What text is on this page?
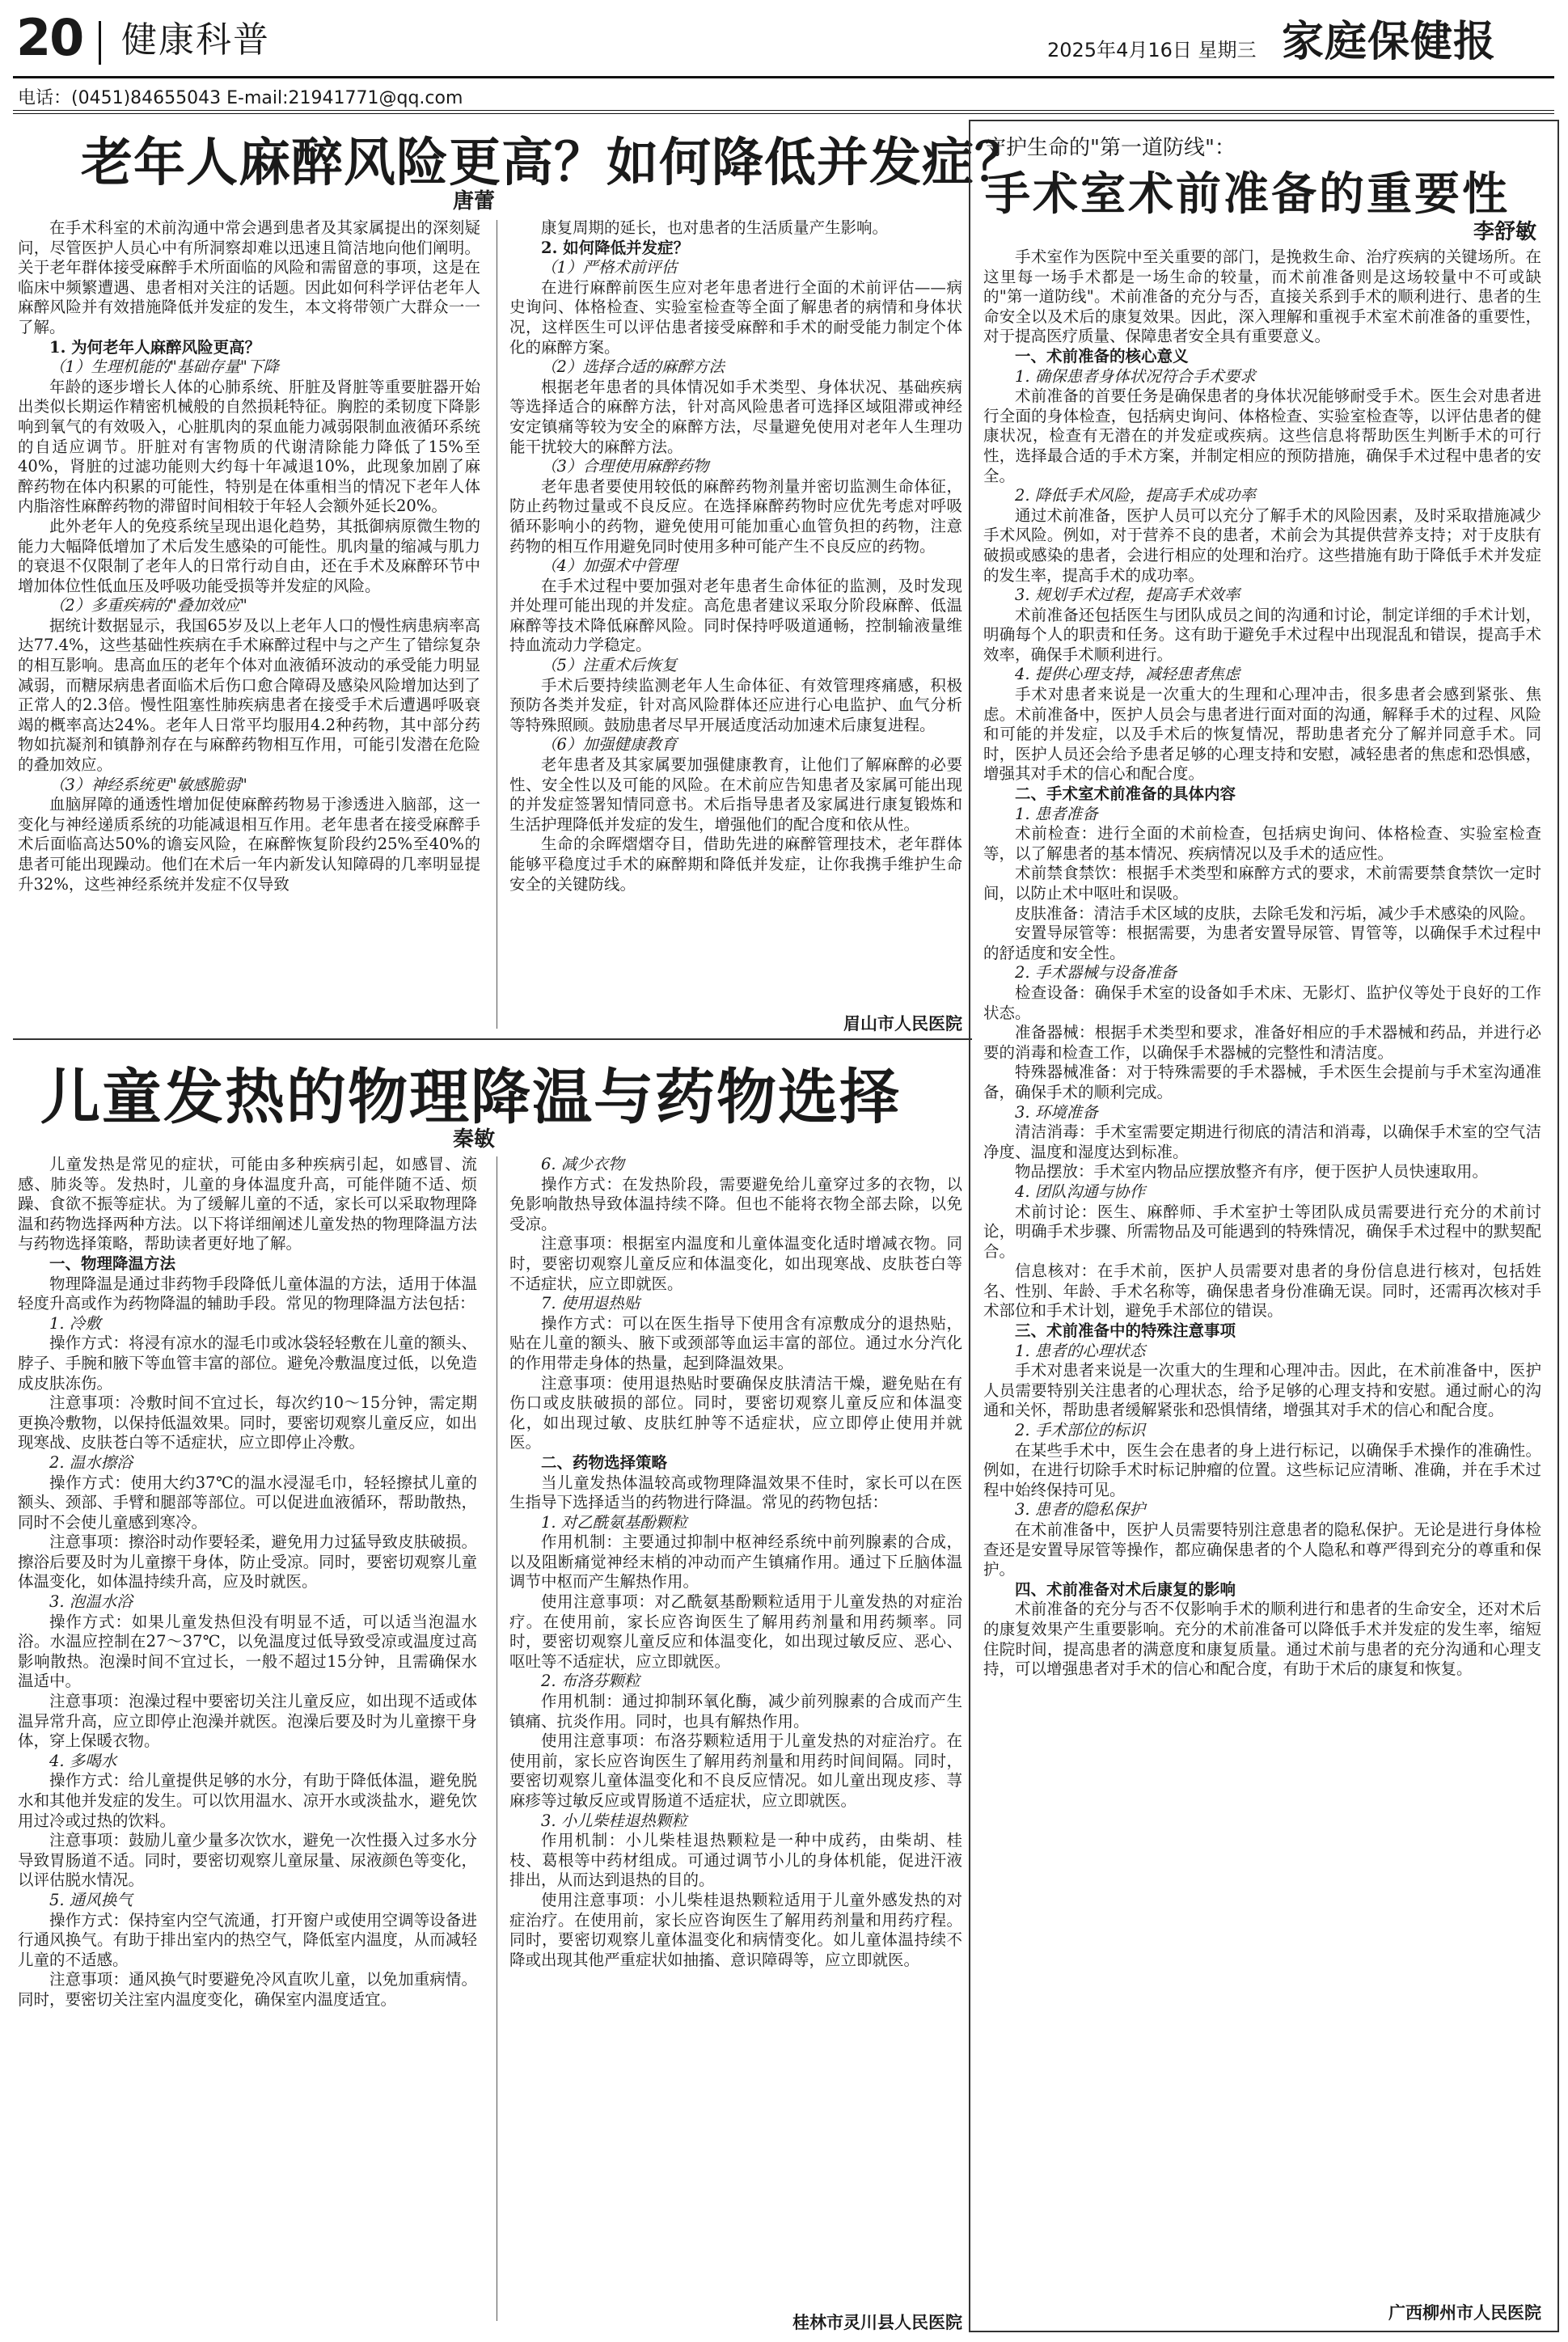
20 健康科普	2025年4月16日 星期三 家庭保健报
电话：(0451)84655043 E-mail:21941771@qq.com
老年人麻醉风险更高？如何降低并发症？
唐蕾

在手术科室的术前沟通中常会遇到患者及其家属提出的深刻疑问，尽管医护人员心中有所洞察却难以迅速且简洁地向他们阐明。关于老年群体接受麻醉手术所面临的风险和需留意的事项，这是在临床中频繁遭遇、患者相对关注的话题。因此如何科学评估老年人麻醉风险并有效措施降低并发症的发生，本文将带领广大群众一一了解。

1. 为何老年人麻醉风险更高？

（1）生理机能的"基础存量"下降

年龄的逐步增长人体的心肺系统、肝脏及肾脏等重要脏器开始出类似长期运作精密机械般的自然损耗特征。胸腔的柔韧度下降影响到氧气的有效吸入，心脏肌肉的泵血能力减弱限制血液循环系统的自适应调节。肝脏对有害物质的代谢清除能力降低了15%至40%，肾脏的过滤功能则大约每十年减退10%，此现象加剧了麻醉药物在体内积累的可能性，特别是在体重相当的情况下老年人体内脂溶性麻醉药物的滞留时间相较于年轻人会额外延长20%。

此外老年人的免疫系统呈现出退化趋势，其抵御病原微生物的能力大幅降低增加了术后发生感染的可能性。肌肉量的缩减与肌力的衰退不仅限制了老年人的日常行动自由，还在手术及麻醉环节中增加体位性低血压及呼吸功能受损等并发症的风险。

（2）多重疾病的"叠加效应"

据统计数据显示，我国65岁及以上老年人口的慢性病患病率高达77.4%，这些基础性疾病在手术麻醉过程中与之产生了错综复杂的相互影响。患高血压的老年个体对血液循环波动的承受能力明显减弱，而糖尿病患者面临术后伤口愈合障碍及感染风险增加达到了正常人的2.3倍。慢性阻塞性肺疾病患者在接受手术后遭遇呼吸衰竭的概率高达24%。老年人日常平均服用4.2种药物，其中部分药物如抗凝剂和镇静剂存在与麻醉药物相互作用，可能引发潜在危险的叠加效应。

（3）神经系统更"敏感脆弱"

血脑屏障的通透性增加促使麻醉药物易于渗透进入脑部，这一变化与神经递质系统的功能减退相互作用。老年患者在接受麻醉手术后面临高达50%的谵妄风险，在麻醉恢复阶段约25%至40%的患者可能出现躁动。他们在术后一年内新发认知障碍的几率明显提升32%，这些神经系统并发症不仅导致

康复周期的延长，也对患者的生活质量产生影响。

2. 如何降低并发症？

（1）严格术前评估

在进行麻醉前医生应对老年患者进行全面的术前评估——病史询问、体格检查、实验室检查等全面了解患者的病情和身体状况，这样医生可以评估患者接受麻醉和手术的耐受能力制定个体化的麻醉方案。

（2）选择合适的麻醉方法

根据老年患者的具体情况如手术类型、身体状况、基础疾病等选择适合的麻醉方法，针对高风险患者可选择区域阻滞或神经安定镇痛等较为安全的麻醉方法，尽量避免使用对老年人生理功能干扰较大的麻醉方法。

（3）合理使用麻醉药物

老年患者要使用较低的麻醉药物剂量并密切监测生命体征，防止药物过量或不良反应。在选择麻醉药物时应优先考虑对呼吸循环影响小的药物，避免使用可能加重心血管负担的药物，注意药物的相互作用避免同时使用多种可能产生不良反应的药物。

（4）加强术中管理

在手术过程中要加强对老年患者生命体征的监测，及时发现并处理可能出现的并发症。高危患者建议采取分阶段麻醉、低温麻醉等技术降低麻醉风险。同时保持呼吸道通畅，控制输液量维持血流动力学稳定。

（5）注重术后恢复

手术后要持续监测老年人生命体征、有效管理疼痛感，积极预防各类并发症，针对高风险群体还应进行心电监护、血气分析等特殊照顾。鼓励患者尽早开展适度活动加速术后康复进程。

（6）加强健康教育

老年患者及其家属要加强健康教育，让他们了解麻醉的必要性、安全性以及可能的风险。在术前应告知患者及家属可能出现的并发症签署知情同意书。术后指导患者及家属进行康复锻炼和生活护理降低并发症的发生，增强他们的配合度和依从性。

生命的余晖熠熠夺目，借助先进的麻醉管理技术，老年群体能够平稳度过手术的麻醉期和降低并发症，让你我携手维护生命安全的关键防线。

眉山市人民医院
儿童发热的物理降温与药物选择
秦敏

儿童发热是常见的症状，可能由多种疾病引起，如感冒、流感、肺炎等。发热时，儿童的身体温度升高，可能伴随不适、烦躁、食欲不振等症状。为了缓解儿童的不适，家长可以采取物理降温和药物选择两种方法。以下将详细阐述儿童发热的物理降温方法与药物选择策略，帮助读者更好地了解。

一、物理降温方法

物理降温是通过非药物手段降低儿童体温的方法，适用于体温轻度升高或作为药物降温的辅助手段。常见的物理降温方法包括：

1. 冷敷

操作方式：将浸有凉水的湿毛巾或冰袋轻轻敷在儿童的额头、脖子、手腕和腋下等血管丰富的部位。避免冷敷温度过低，以免造成皮肤冻伤。

注意事项：冷敷时间不宜过长，每次约10～15分钟，需定期更换冷敷物，以保持低温效果。同时，要密切观察儿童反应，如出现寒战、皮肤苍白等不适症状，应立即停止冷敷。

2. 温水擦浴

操作方式：使用大约37℃的温水浸湿毛巾，轻轻擦拭儿童的额头、颈部、手臂和腿部等部位。可以促进血液循环，帮助散热，同时不会使儿童感到寒冷。

注意事项：擦浴时动作要轻柔，避免用力过猛导致皮肤破损。擦浴后要及时为儿童擦干身体，防止受凉。同时，要密切观察儿童体温变化，如体温持续升高，应及时就医。

3. 泡温水浴

操作方式：如果儿童发热但没有明显不适，可以适当泡温水浴。水温应控制在27～37℃，以免温度过低导致受凉或温度过高影响散热。泡澡时间不宜过长，一般不超过15分钟，且需确保水温适中。

注意事项：泡澡过程中要密切关注儿童反应，如出现不适或体温异常升高，应立即停止泡澡并就医。泡澡后要及时为儿童擦干身体，穿上保暖衣物。

4. 多喝水

操作方式：给儿童提供足够的水分，有助于降低体温，避免脱水和其他并发症的发生。可以饮用温水、凉开水或淡盐水，避免饮用过冷或过热的饮料。

注意事项：鼓励儿童少量多次饮水，避免一次性摄入过多水分导致胃肠道不适。同时，要密切观察儿童尿量、尿液颜色等变化，以评估脱水情况。

5. 通风换气

操作方式：保持室内空气流通，打开窗户或使用空调等设备进行通风换气。有助于排出室内的热空气，降低室内温度，从而减轻儿童的不适感。

注意事项：通风换气时要避免冷风直吹儿童，以免加重病情。同时，要密切关注室内温度变化，确保室内温度适宜。

6. 减少衣物

操作方式：在发热阶段，需要避免给儿童穿过多的衣物，以免影响散热导致体温持续不降。但也不能将衣物全部去除，以免受凉。

注意事项：根据室内温度和儿童体温变化适时增减衣物。同时，要密切观察儿童反应和体温变化，如出现寒战、皮肤苍白等不适症状，应立即就医。

7. 使用退热贴

操作方式：可以在医生指导下使用含有凉敷成分的退热贴，贴在儿童的额头、腋下或颈部等血运丰富的部位。通过水分汽化的作用带走身体的热量，起到降温效果。

注意事项：使用退热贴时要确保皮肤清洁干燥，避免贴在有伤口或皮肤破损的部位。同时，要密切观察儿童反应和体温变化，如出现过敏、皮肤红肿等不适症状，应立即停止使用并就医。

二、药物选择策略

当儿童发热体温较高或物理降温效果不佳时，家长可以在医生指导下选择适当的药物进行降温。常见的药物包括：

1. 对乙酰氨基酚颗粒

作用机制：主要通过抑制中枢神经系统中前列腺素的合成，以及阻断痛觉神经末梢的冲动而产生镇痛作用。通过下丘脑体温调节中枢而产生解热作用。

使用注意事项：对乙酰氨基酚颗粒适用于儿童发热的对症治疗。在使用前，家长应咨询医生了解用药剂量和用药频率。同时，要密切观察儿童反应和体温变化，如出现过敏反应、恶心、呕吐等不适症状，应立即就医。

2. 布洛芬颗粒

作用机制：通过抑制环氧化酶，减少前列腺素的合成而产生镇痛、抗炎作用。同时，也具有解热作用。

使用注意事项：布洛芬颗粒适用于儿童发热的对症治疗。在使用前，家长应咨询医生了解用药剂量和用药时间间隔。同时，要密切观察儿童体温变化和不良反应情况。如儿童出现皮疹、荨麻疹等过敏反应或胃肠道不适症状，应立即就医。

3. 小儿柴桂退热颗粒

作用机制：小儿柴桂退热颗粒是一种中成药，由柴胡、桂枝、葛根等中药材组成。可通过调节小儿的身体机能，促进汗液排出，从而达到退热的目的。

使用注意事项：小儿柴桂退热颗粒适用于儿童外感发热的对症治疗。在使用前，家长应咨询医生了解用药剂量和用药疗程。同时，要密切观察儿童体温变化和病情变化。如儿童体温持续不降或出现其他严重症状如抽搐、意识障碍等，应立即就医。

桂林市灵川县人民医院
守护生命的"第一道防线"：
手术室术前准备的重要性
李舒敏

手术室作为医院中至关重要的部门，是挽救生命、治疗疾病的关键场所。在这里每一场手术都是一场生命的较量，而术前准备则是这场较量中不可或缺的"第一道防线"。术前准备的充分与否，直接关系到手术的顺利进行、患者的生命安全以及术后的康复效果。因此，深入理解和重视手术室术前准备的重要性，对于提高医疗质量、保障患者安全具有重要意义。

一、术前准备的核心意义

1. 确保患者身体状况符合手术要求

术前准备的首要任务是确保患者的身体状况能够耐受手术。医生会对患者进行全面的身体检查，包括病史询问、体格检查、实验室检查等，以评估患者的健康状况，检查有无潜在的并发症或疾病。这些信息将帮助医生判断手术的可行性，选择最合适的手术方案，并制定相应的预防措施，确保手术过程中患者的安全。

2. 降低手术风险，提高手术成功率

通过术前准备，医护人员可以充分了解手术的风险因素，及时采取措施减少手术风险。例如，对于营养不良的患者，术前会为其提供营养支持；对于皮肤有破损或感染的患者，会进行相应的处理和治疗。这些措施有助于降低手术并发症的发生率，提高手术的成功率。

3. 规划手术过程，提高手术效率

术前准备还包括医生与团队成员之间的沟通和讨论，制定详细的手术计划，明确每个人的职责和任务。这有助于避免手术过程中出现混乱和错误，提高手术效率，确保手术顺利进行。

4. 提供心理支持，减轻患者焦虑

手术对患者来说是一次重大的生理和心理冲击，很多患者会感到紧张、焦虑。术前准备中，医护人员会与患者进行面对面的沟通，解释手术的过程、风险和可能的并发症，以及手术后的恢复情况，帮助患者充分了解并同意手术。同时，医护人员还会给予患者足够的心理支持和安慰，减轻患者的焦虑和恐惧感，增强其对手术的信心和配合度。

二、手术室术前准备的具体内容

1. 患者准备

术前检查：进行全面的术前检查，包括病史询问、体格检查、实验室检查等，以了解患者的基本情况、疾病情况以及手术的适应性。

术前禁食禁饮：根据手术类型和麻醉方式的要求，术前需要禁食禁饮一定时间，以防止术中呕吐和误吸。

皮肤准备：清洁手术区域的皮肤，去除毛发和污垢，减少手术感染的风险。

安置导尿管等：根据需要，为患者安置导尿管、胃管等，以确保手术过程中的舒适度和安全性。

2. 手术器械与设备准备

检查设备：确保手术室的设备如手术床、无影灯、监护仪等处于良好的工作状态。

准备器械：根据手术类型和要求，准备好相应的手术器械和药品，并进行必要的消毒和检查工作，以确保手术器械的完整性和清洁度。

特殊器械准备：对于特殊需要的手术器械，手术医生会提前与手术室沟通准备，确保手术的顺利完成。

3. 环境准备

清洁消毒：手术室需要定期进行彻底的清洁和消毒，以确保手术室的空气洁净度、温度和湿度达到标准。

物品摆放：手术室内物品应摆放整齐有序，便于医护人员快速取用。

4. 团队沟通与协作

术前讨论：医生、麻醉师、手术室护士等团队成员需要进行充分的术前讨论，明确手术步骤、所需物品及可能遇到的特殊情况，确保手术过程中的默契配合。

信息核对：在手术前，医护人员需要对患者的身份信息进行核对，包括姓名、性别、年龄、手术名称等，确保患者身份准确无误。同时，还需再次核对手术部位和手术计划，避免手术部位的错误。

三、术前准备中的特殊注意事项

1. 患者的心理状态

手术对患者来说是一次重大的生理和心理冲击。因此，在术前准备中，医护人员需要特别关注患者的心理状态，给予足够的心理支持和安慰。通过耐心的沟通和关怀，帮助患者缓解紧张和恐惧情绪，增强其对手术的信心和配合度。

2. 手术部位的标识

在某些手术中，医生会在患者的身上进行标记，以确保手术操作的准确性。例如，在进行切除手术时标记肿瘤的位置。这些标记应清晰、准确，并在手术过程中始终保持可见。

3. 患者的隐私保护

在术前准备中，医护人员需要特别注意患者的隐私保护。无论是进行身体检查还是安置导尿管等操作，都应确保患者的个人隐私和尊严得到充分的尊重和保护。

四、术前准备对术后康复的影响

术前准备的充分与否不仅影响手术的顺利进行和患者的生命安全，还对术后的康复效果产生重要影响。充分的术前准备可以降低手术并发症的发生率，缩短住院时间，提高患者的满意度和康复质量。通过术前与患者的充分沟通和心理支持，可以增强患者对手术的信心和配合度，有助于术后的康复和恢复。

广西柳州市人民医院
